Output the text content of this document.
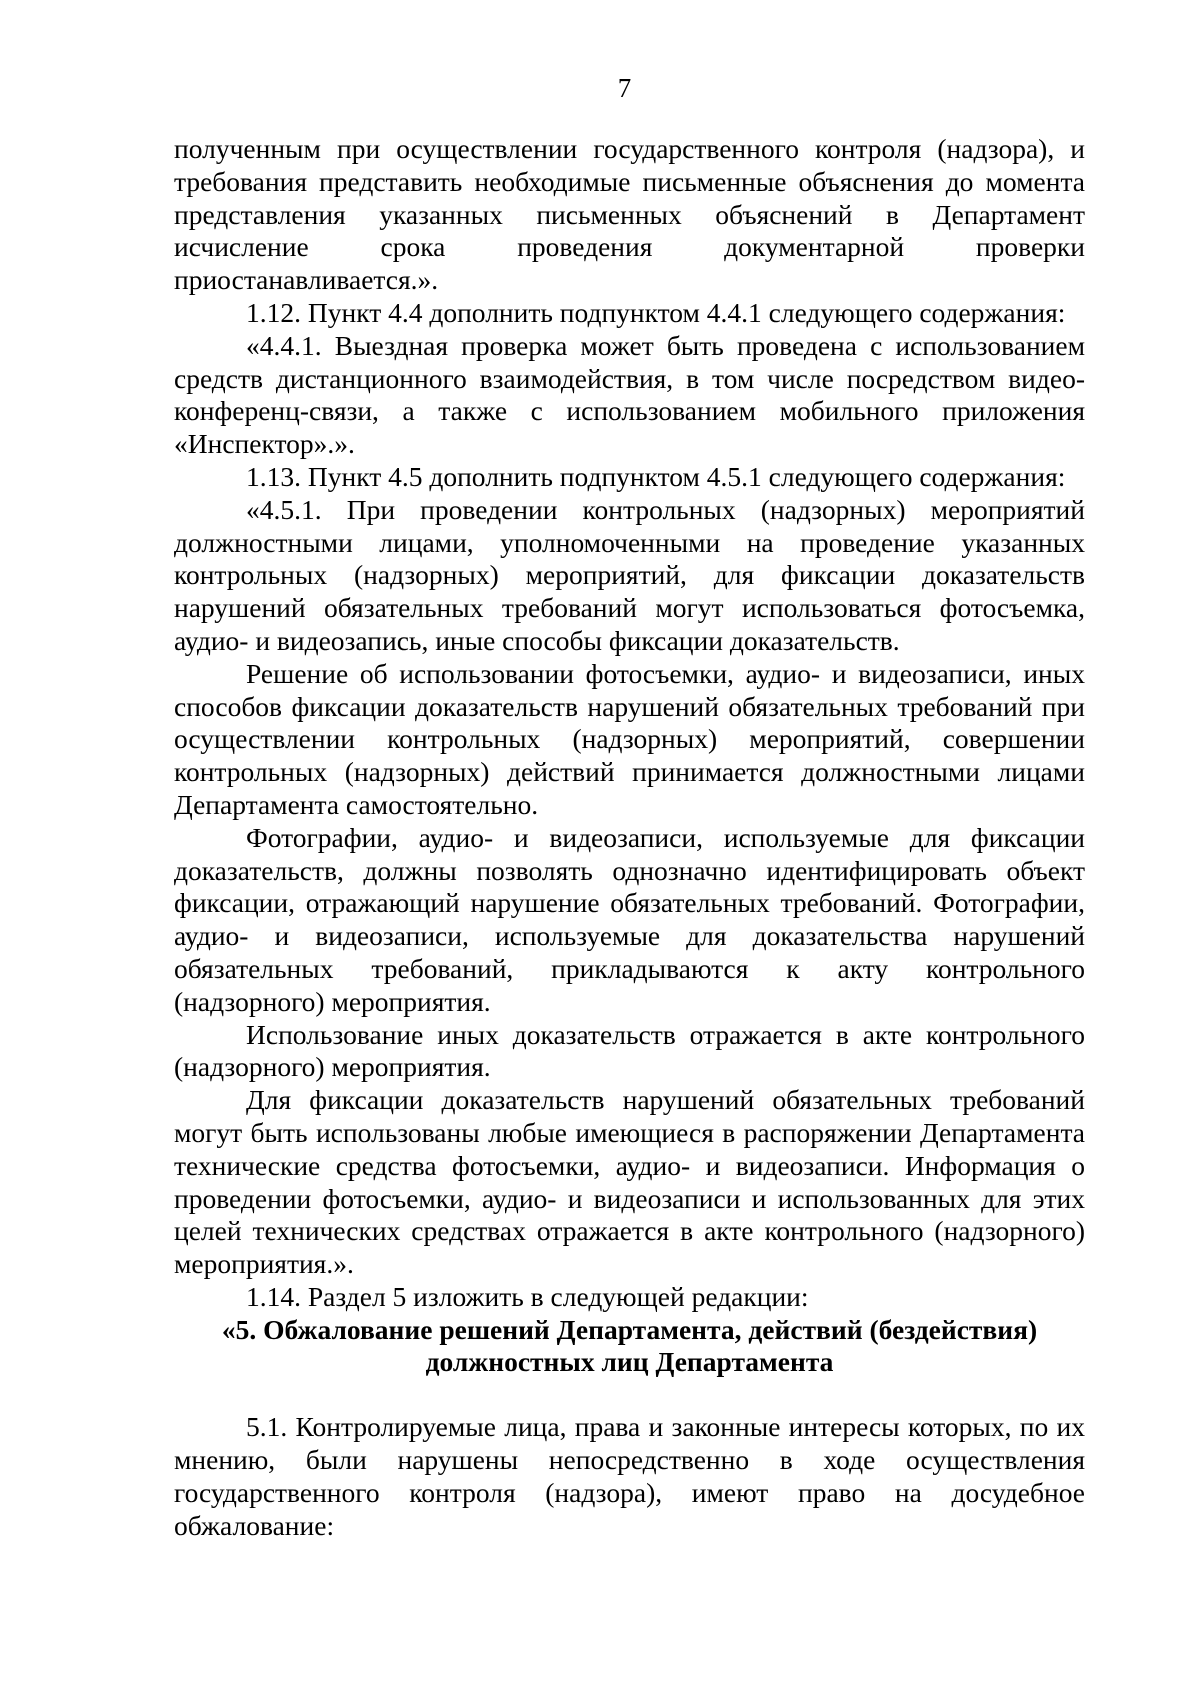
7

полученным при осуществлении государственного контроля (надзора), и требования представить необходимые письменные объяснения до момента представления указанных письменных объяснений в Департамент исчисление срока проведения документарной проверки приостанавливается.».

1.12. Пункт 4.4 дополнить подпунктом 4.4.1 следующего содержания:

«4.4.1. Выездная проверка может быть проведена с использованием средств дистанционного взаимодействия, в том числе посредством видео-конференц-связи, а также с использованием мобильного приложения «Инспектор».».

1.13. Пункт 4.5 дополнить подпунктом 4.5.1 следующего содержания:

«4.5.1. При проведении контрольных (надзорных) мероприятий должностными лицами, уполномоченными на проведение указанных контрольных (надзорных) мероприятий, для фиксации доказательств нарушений обязательных требований могут использоваться фотосъемка, аудио- и видеозапись, иные способы фиксации доказательств.

Решение об использовании фотосъемки, аудио- и видеозаписи, иных способов фиксации доказательств нарушений обязательных требований при осуществлении контрольных (надзорных) мероприятий, совершении контрольных (надзорных) действий принимается должностными лицами Департамента самостоятельно.

Фотографии, аудио- и видеозаписи, используемые для фиксации доказательств, должны позволять однозначно идентифицировать объект фиксации, отражающий нарушение обязательных требований. Фотографии, аудио- и видеозаписи, используемые для доказательства нарушений обязательных требований, прикладываются к акту контрольного (надзорного) мероприятия.

Использование иных доказательств отражается в акте контрольного (надзорного) мероприятия.

Для фиксации доказательств нарушений обязательных требований могут быть использованы любые имеющиеся в распоряжении Департамента технические средства фотосъемки, аудио- и видеозаписи. Информация о проведении фотосъемки, аудио- и видеозаписи и использованных для этих целей технических средствах отражается в акте контрольного (надзорного) мероприятия.».

1.14. Раздел 5 изложить в следующей редакции:

«5. Обжалование решений Департамента, действий (бездействия) должностных лиц Департамента

5.1. Контролируемые лица, права и законные интересы которых, по их мнению, были нарушены непосредственно в ходе осуществления государственного контроля (надзора), имеют право на досудебное обжалование:
